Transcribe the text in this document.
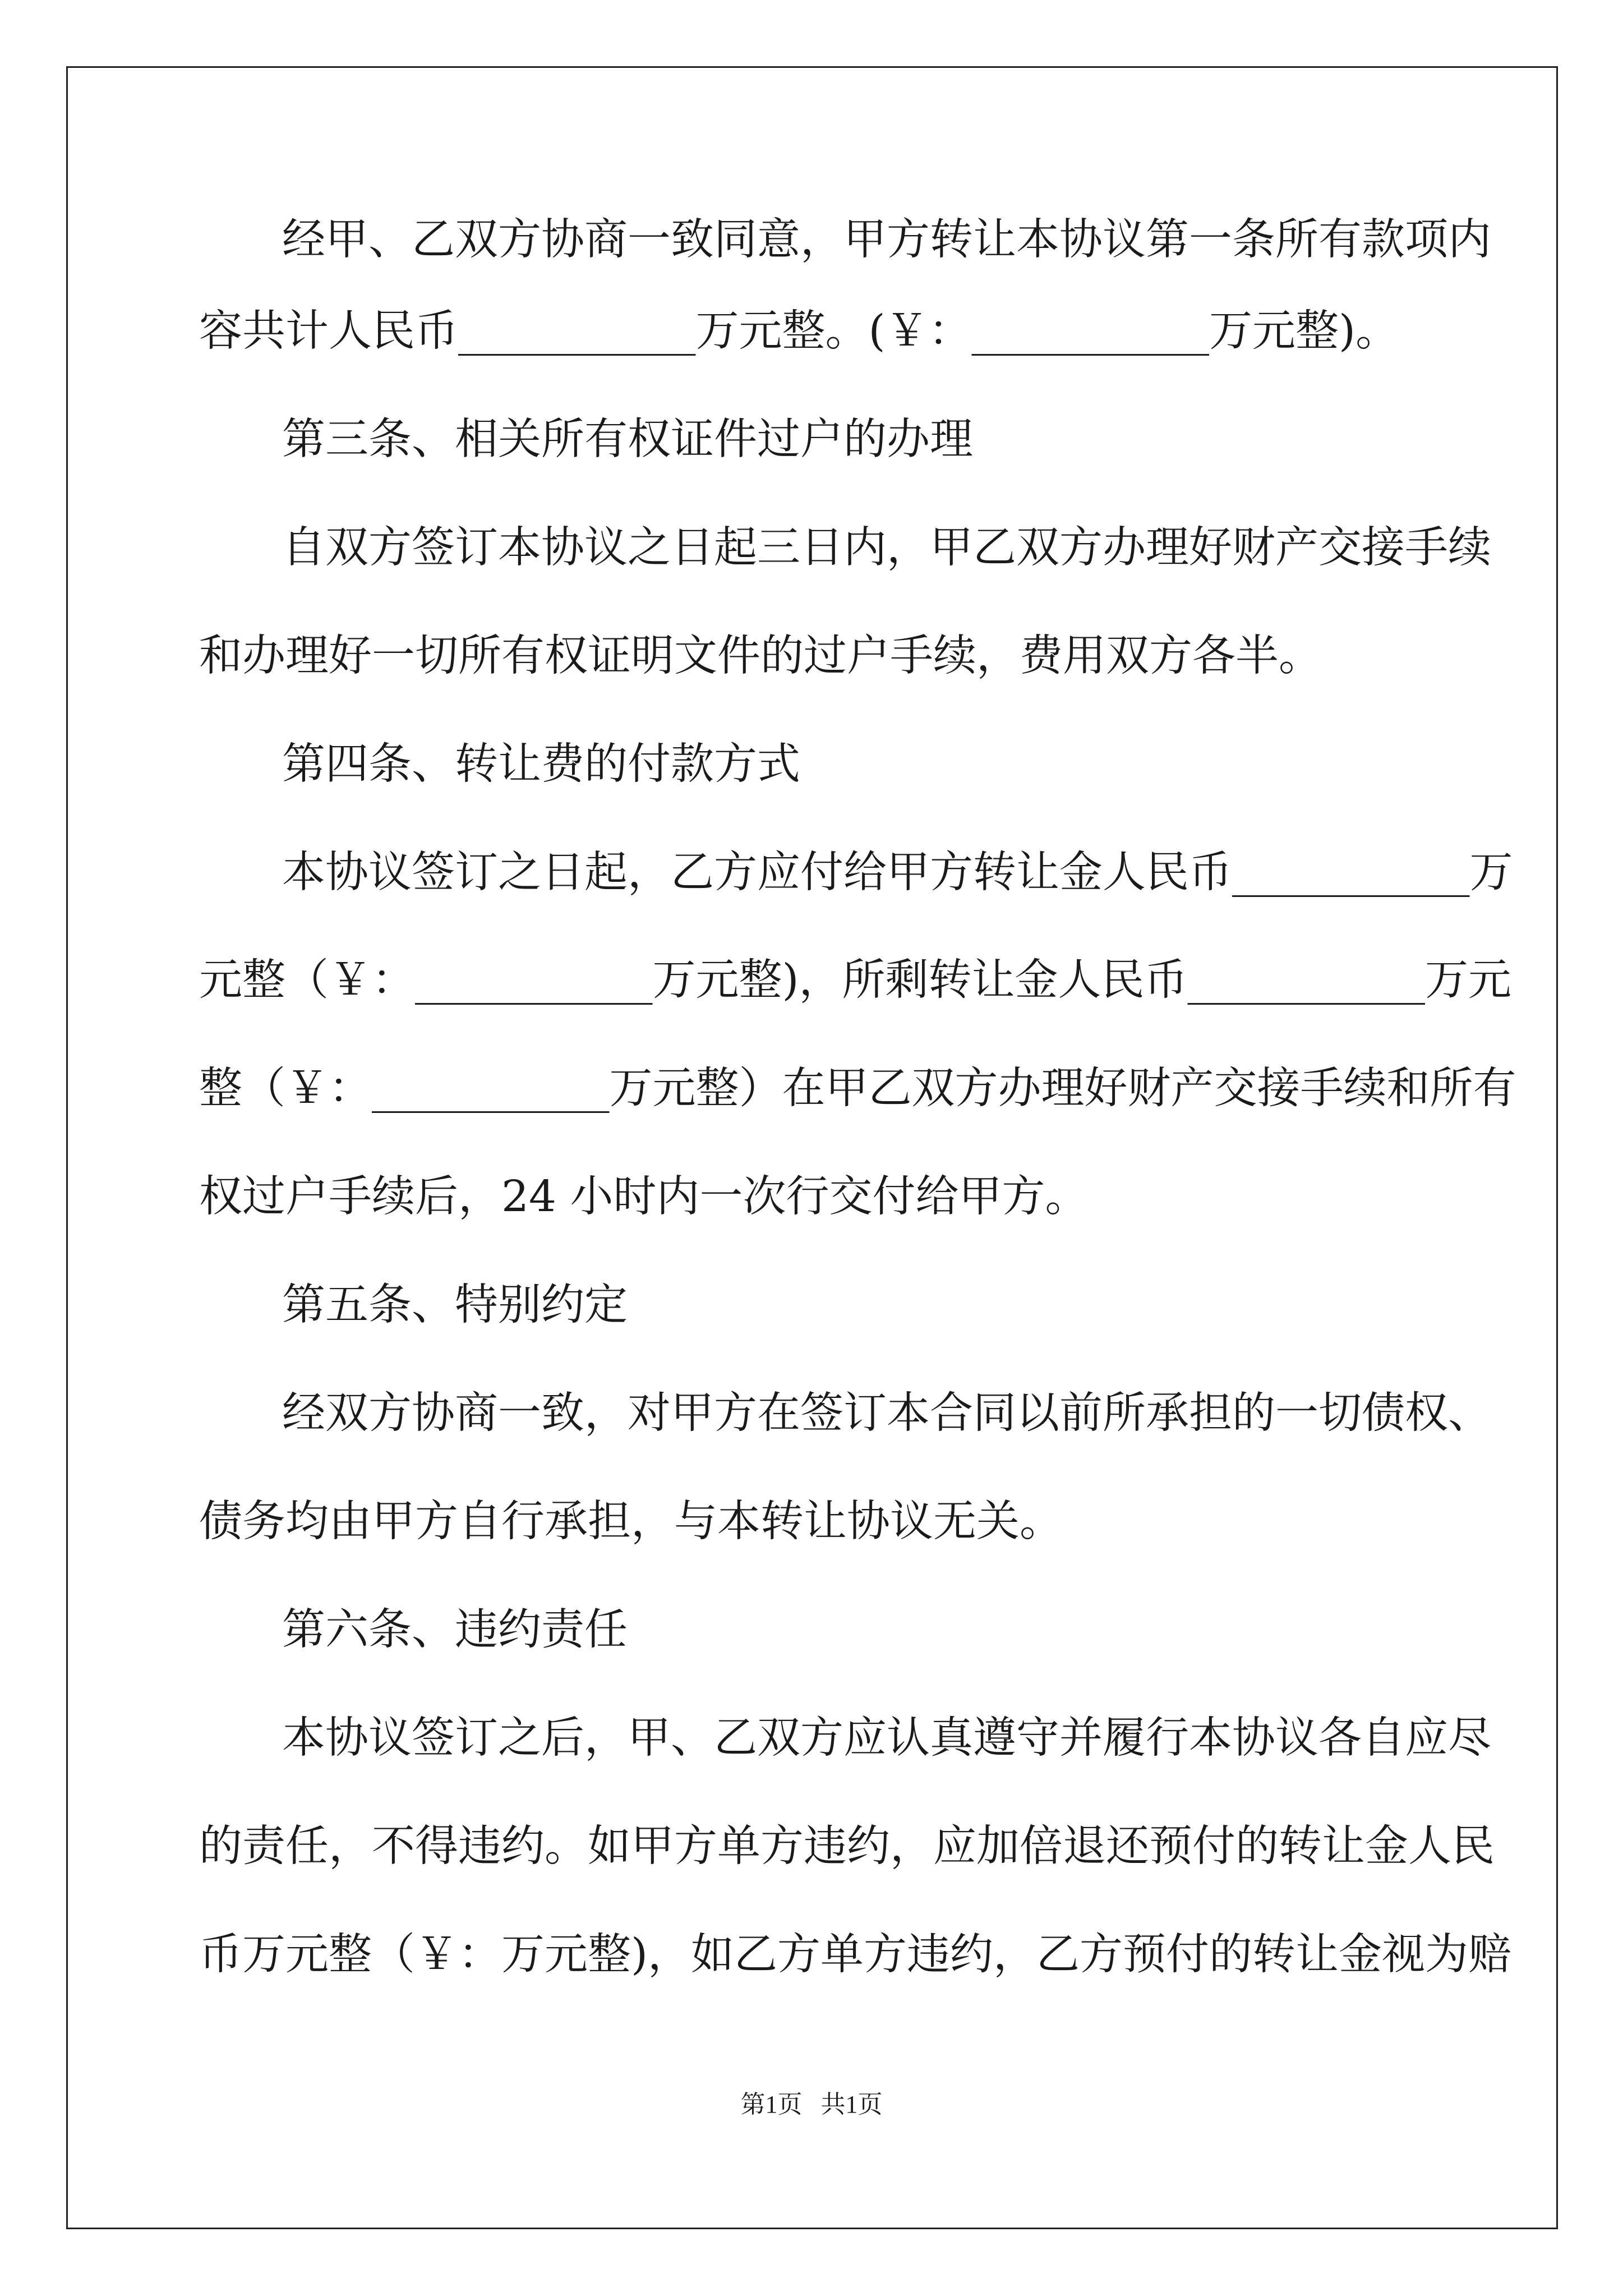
经甲、乙双方协商一致同意，甲方转让本协议第一条所有款项内
容共计人民币___________万元整。(￥：___________万元整)。
第三条、相关所有权证件过户的办理
自双方签订本协议之日起三日内，甲乙双方办理好财产交接手续
和办理好一切所有权证明文件的过户手续，费用双方各半。
第四条、转让费的付款方式
本协议签订之日起，乙方应付给甲方转让金人民币___________万
元整（￥：___________万元整)，所剩转让金人民币___________万元
整（￥：___________万元整）在甲乙双方办理好财产交接手续和所有
权过户手续后，24 小时内一次行交付给甲方。
第五条、特别约定
经双方协商一致，对甲方在签订本合同以前所承担的一切债权、
债务均由甲方自行承担，与本转让协议无关。
第六条、违约责任
本协议签订之后，甲、乙双方应认真遵守并履行本协议各自应尽
的责任，不得违约。如甲方单方违约，应加倍退还预付的转让金人民
币万元整（￥：万元整)，如乙方单方违约，乙方预付的转让金视为赔
第1页   共1页
